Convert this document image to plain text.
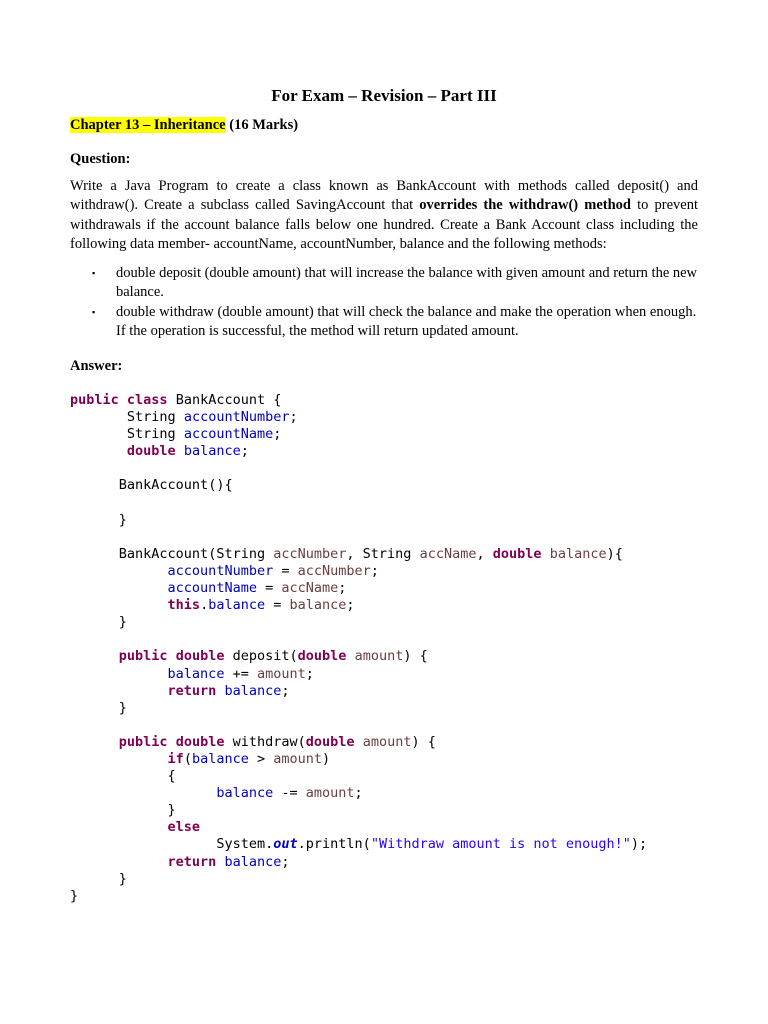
For Exam – Revision – Part III
Chapter 13 – Inheritance (16 Marks)
Question:
Write a Java Program to create a class known as BankAccount with methods called deposit() and withdraw(). Create a subclass called SavingAccount that overrides the withdraw() method to prevent withdrawals if the account balance falls below one hundred. Create a Bank Account class including the following data member- accountName, accountNumber, balance and the following methods:
▪ double deposit (double amount) that will increase the balance with given amount and return the new balance.
▪ double withdraw (double amount) that will check the balance and make the operation when enough. If the operation is successful, the method will return updated amount.
Answer:
public class BankAccount {
String accountNumber;
String accountName;
double balance;

BankAccount(){

}

BankAccount(String accNumber, String accName, double balance){
accountNumber = accNumber;
accountName = accName;
this.balance = balance;
}

public double deposit(double amount) {
balance += amount;
return balance;
}

public double withdraw(double amount) {
if(balance > amount)
{
balance -= amount;
}
else
System.out.println("Withdraw amount is not enough!");
return balance;
}
}
